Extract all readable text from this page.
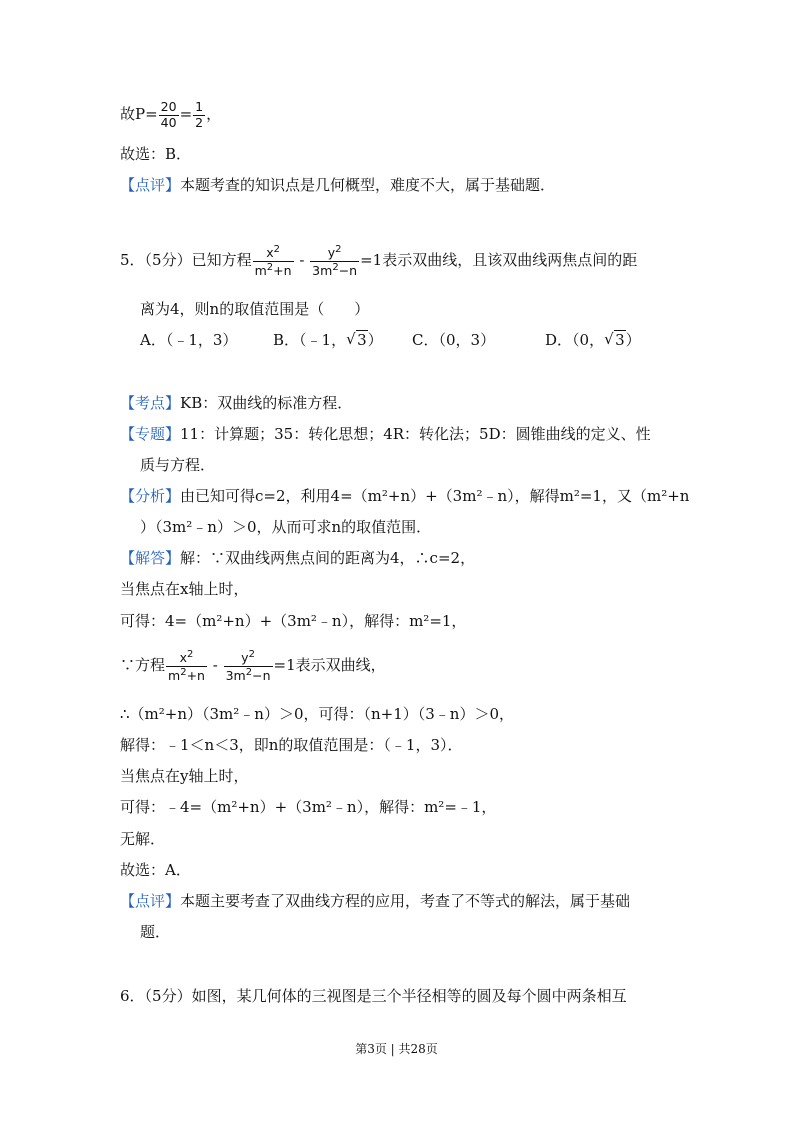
故$P= \frac{20}{40} = \frac{1}{2}$ ，
故选：B．
【点评】本题考查的知识点是几何概型，难度不大，属于基础题．
5．（5分）已知方程 $\frac{x^2}{m^2+n} - \frac{y^2}{3m^2-n} =1$表示双曲线，且该双曲线两焦点间的距
离为4，则n的取值范围是（　　）
A．（﹣1，3） B．（﹣1， √ 3） C．（0，3）	D．（0， √ 3）
【考点】KB：双曲线的标准方程．
【专题】11：计算题；35：转化思想；4R：转化法；5D：圆锥曲线的定义、性
质与方程．
【分析】由已知可得c=2，利用4=（m²+n）+（3m²﹣n），解得m²=1，又（m²+n
）（3m²﹣n）＞0，从而可求n的取值范围．
【解答】解：∵双曲线两焦点间的距离为4，∴c=2，
当焦点在x轴上时，
可得：4=（m²+n）+（3m²﹣n），解得：m²=1，
∵方程 $\frac{x^2}{m^2+n} - \frac{y^2}{3m^2-n} =1$表示双曲线，
∴（m²+n）（3m²﹣n）＞0，可得：（n+1）（3﹣n）＞0，
解得：﹣1＜n＜3，即n的取值范围是：（﹣1，3）．
当焦点在y轴上时，
可得：﹣4=（m²+n）+（3m²﹣n），解得：m²=﹣1，
无解．
故选：A．
【点评】本题主要考查了双曲线方程的应用，考查了不等式的解法，属于基础
题．
6．（5分）如图，某几何体的三视图是三个半径相等的圆及每个圆中两条相互
第3页 | 共28页
